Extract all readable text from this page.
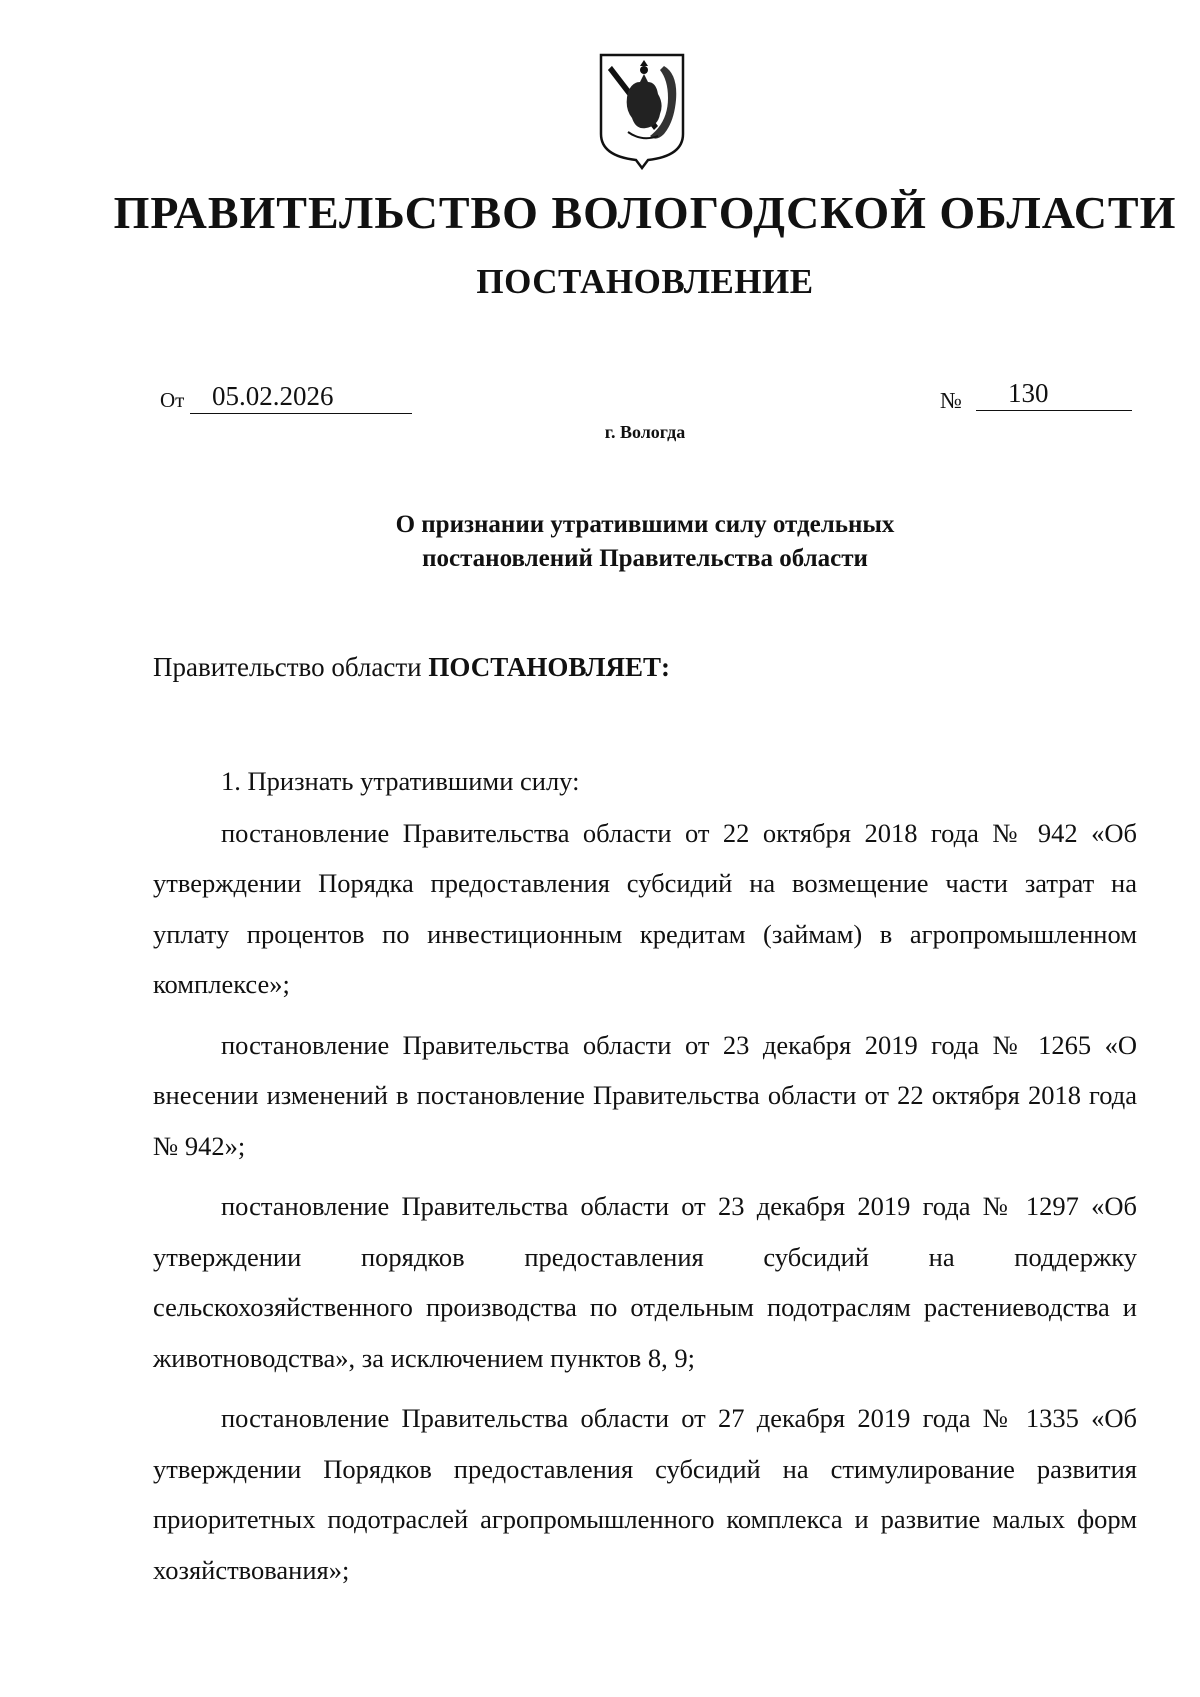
ПРАВИТЕЛЬСТВО ВОЛОГОДСКОЙ ОБЛАСТИ
ПОСТАНОВЛЕНИЕ
От	05.02.2026	№	130
г. Вологда
О признании утратившими силу отдельных
постановлений Правительства области
Правительство области ПОСТАНОВЛЯЕТ:

1. Признать утратившими силу:

постановление Правительства области от 22 октября 2018 года № 942 «Об утверждении Порядка предоставления субсидий на возмещение части затрат на уплату процентов по инвестиционным кредитам (займам) в агропромышленном комплексе»;

постановление Правительства области от 23 декабря 2019 года № 1265 «О внесении изменений в постановление Правительства области от 22 октября 2018 года № 942»;

постановление Правительства области от 23 декабря 2019 года № 1297 «Об утверждении порядков предоставления субсидий на поддержку сельскохозяйственного производства по отдельным подотраслям растениеводства и животноводства», за исключением пунктов 8, 9;

постановление Правительства области от 27 декабря 2019 года № 1335 «Об утверждении Порядков предоставления субсидий на стимулирование развития приоритетных подотраслей агропромышленного комплекса и развитие малых форм хозяйствования»;
